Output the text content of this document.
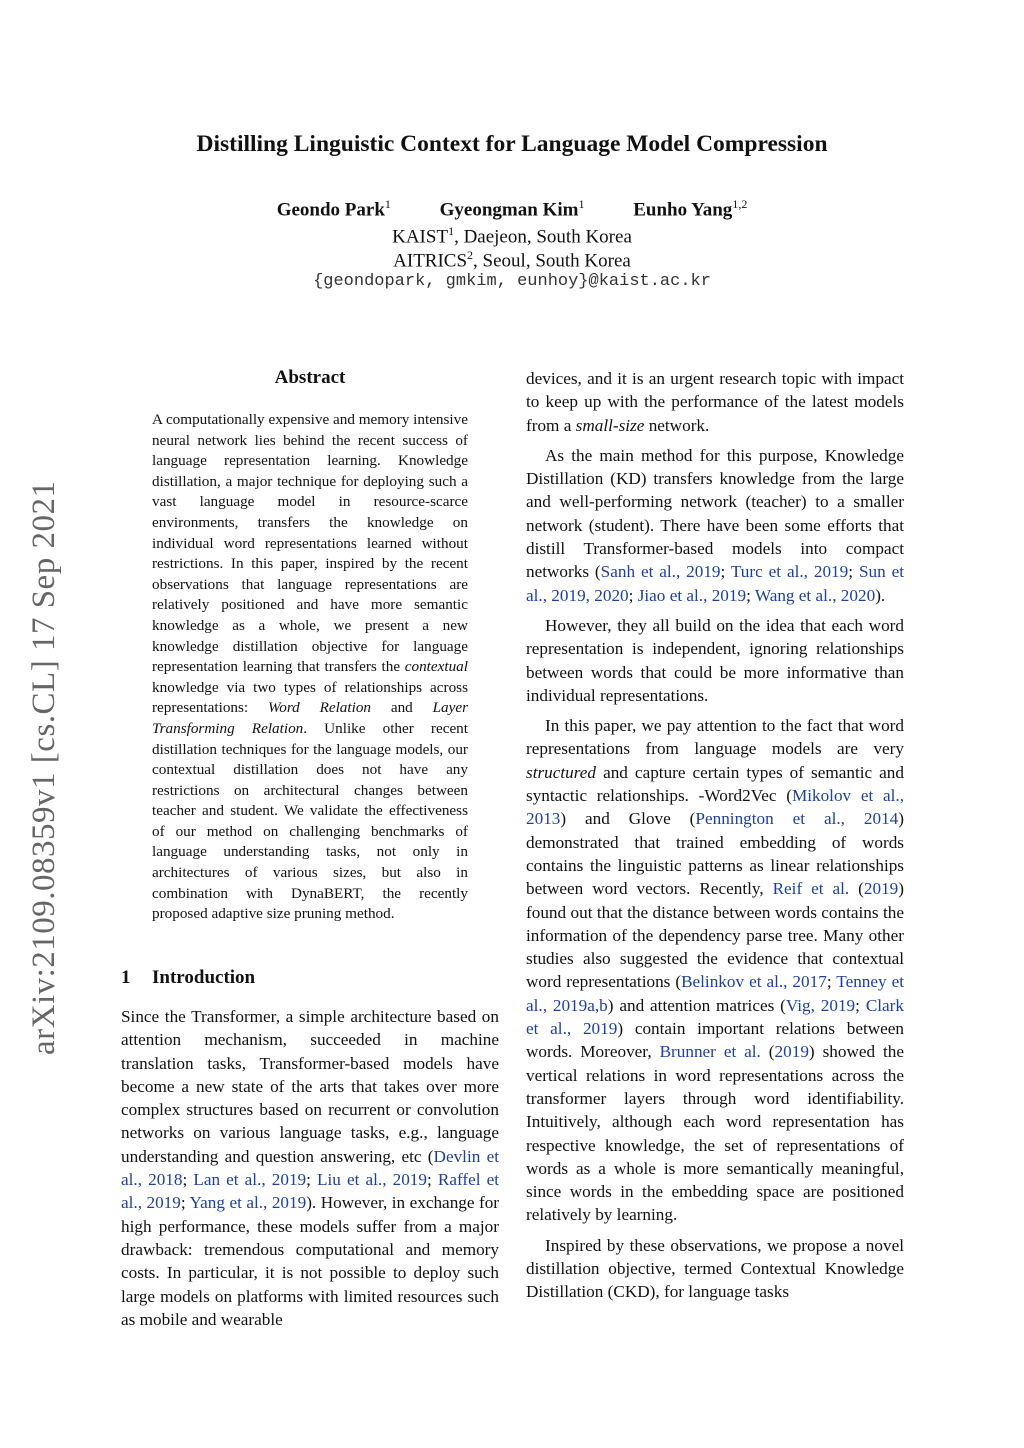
arXiv:2109.08359v1 [cs.CL] 17 Sep 2021
Distilling Linguistic Context for Language Model Compression
Geondo Park$^1$	Gyeongman Kim$^1$	Eunho Yang$^{1,2}$
KAIST$^1$, Daejeon, South Korea
AITRICS$^2$, Seoul, South Korea
{geondopark, gmkim, eunhoy}@kaist.ac.kr
Abstract
A computationally expensive and memory intensive neural network lies behind the recent success of language representation learning. Knowledge distillation, a major technique for deploying such a vast language model in resource-scarce environments, transfers the knowledge on individual word representations learned without restrictions. In this paper, inspired by the recent observations that language representations are relatively positioned and have more semantic knowledge as a whole, we present a new knowledge distillation objective for language representation learning that transfers the contextual knowledge via two types of relationships across representations: Word Relation and Layer Transforming Relation. Unlike other recent distillation techniques for the language models, our contextual distillation does not have any restrictions on architectural changes between teacher and student. We validate the effectiveness of our method on challenging benchmarks of language understanding tasks, not only in architectures of various sizes, but also in combination with DynaBERT, the recently proposed adaptive size pruning method.
1 Introduction

Since the Transformer, a simple architecture based on attention mechanism, succeeded in machine translation tasks, Transformer-based models have become a new state of the arts that takes over more complex structures based on recurrent or convolution networks on various language tasks, e.g., language understanding and question answering, etc (Devlin et al., 2018; Lan et al., 2019; Liu et al., 2019; Raffel et al., 2019; Yang et al., 2019). However, in exchange for high performance, these models suffer from a major drawback: tremendous computational and memory costs. In particular, it is not possible to deploy such large models on platforms with limited resources such as mobile and wearable

devices, and it is an urgent research topic with impact to keep up with the performance of the latest models from a small-size network.

As the main method for this purpose, Knowledge Distillation (KD) transfers knowledge from the large and well-performing network (teacher) to a smaller network (student). There have been some efforts that distill Transformer-based models into compact networks (Sanh et al., 2019; Turc et al., 2019; Sun et al., 2019, 2020; Jiao et al., 2019; Wang et al., 2020).

However, they all build on the idea that each word representation is independent, ignoring relationships between words that could be more informative than individual representations.

In this paper, we pay attention to the fact that word representations from language models are very structured and capture certain types of semantic and syntactic relationships. -Word2Vec (Mikolov et al., 2013) and Glove (Pennington et al., 2014) demonstrated that trained embedding of words contains the linguistic patterns as linear relationships between word vectors. Recently, Reif et al. (2019) found out that the distance between words contains the information of the dependency parse tree. Many other studies also suggested the evidence that contextual word representations (Belinkov et al., 2017; Tenney et al., 2019a,b) and attention matrices (Vig, 2019; Clark et al., 2019) contain important relations between words. Moreover, Brunner et al. (2019) showed the vertical relations in word representations across the transformer layers through word identifiability. Intuitively, although each word representation has respective knowledge, the set of representations of words as a whole is more semantically meaningful, since words in the embedding space are positioned relatively by learning.

Inspired by these observations, we propose a novel distillation objective, termed Contextual Knowledge Distillation (CKD), for language tasks
